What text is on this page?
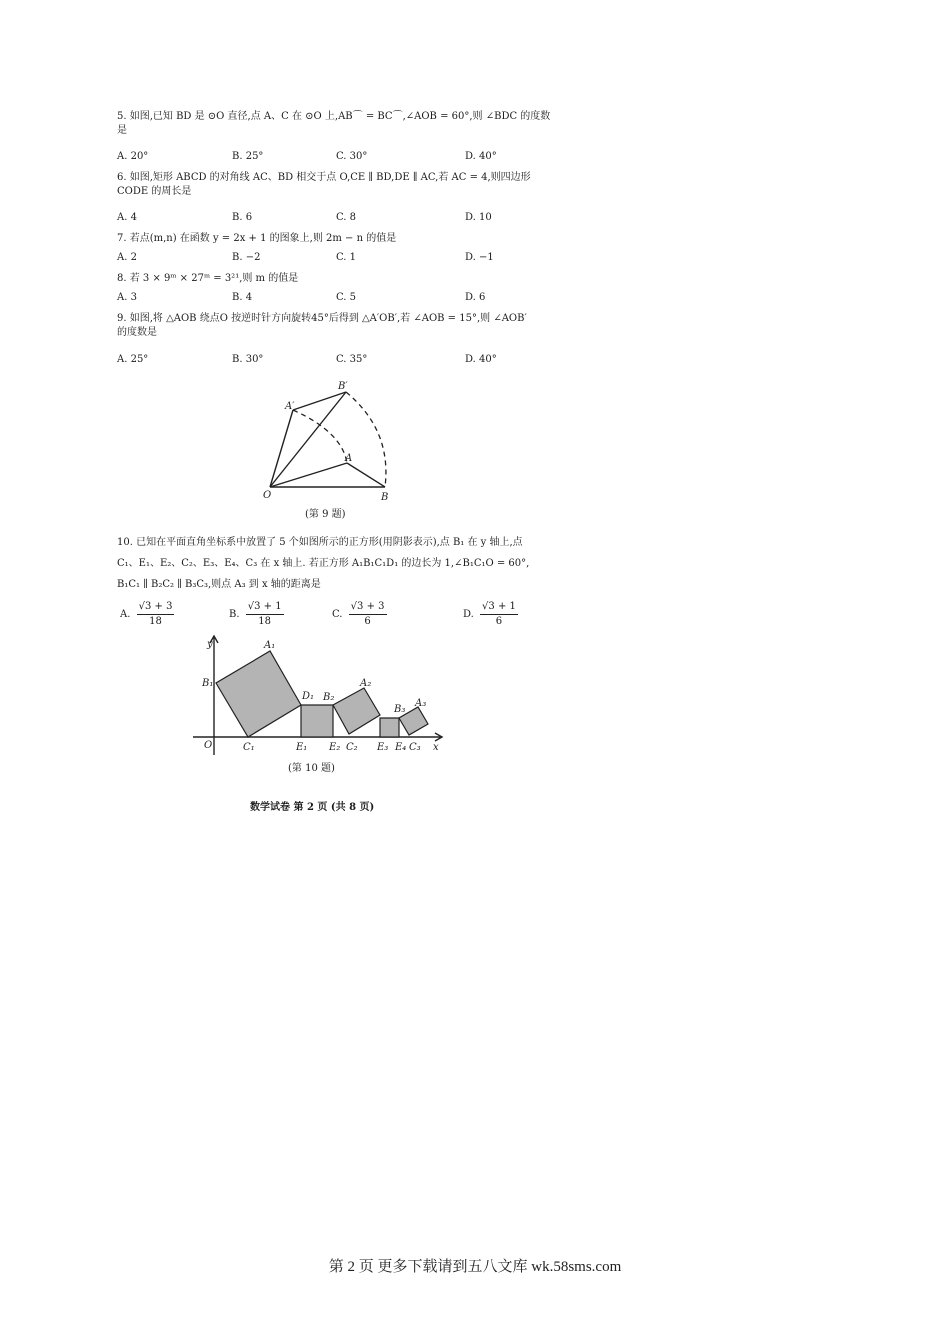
5. 如图,已知 BD 是 ⊙O 直径,点 A、C 在 ⊙O 上,AB⌒ = BC⌒,∠AOB = 60°,则 ∠BDC 的度数
是
A. 20°	B. 25°	C. 30°	D. 40°
6. 如图,矩形 ABCD 的对角线 AC、BD 相交于点 O,CE ∥ BD,DE ∥ AC,若 AC = 4,则四边形
CODE 的周长是
A. 4	B. 6	C. 8	D. 10
7. 若点(m,n) 在函数 y = 2x + 1 的图象上,则 2m − n 的值是
A. 2	B. −2	C. 1	D. −1
8. 若 3 × 9ᵐ × 27ᵐ = 3²¹,则 m 的值是
A. 3	B. 4	C. 5	D. 6
9. 如图,将 △AOB 绕点O 按逆时针方向旋转45°后得到 △A′OB′,若 ∠AOB = 15°,则 ∠AOB′
的度数是
A. 25°	B. 30°	C. 35°	D. 40°
O	B
A
A′
B′
(第 9 题)
10. 已知在平面直角坐标系中放置了 5 个如图所示的正方形(用阴影表示),点 B₁ 在 y 轴上,点
C₁、E₁、E₂、C₂、E₃、E₄、C₃ 在 x 轴上. 若正方形 A₁B₁C₁D₁ 的边长为 1,∠B₁C₁O = 60°,
B₁C₁ ∥ B₂C₂ ∥ B₃C₃,则点 A₃ 到 x 轴的距离是
A. $\frac{√3 + 3}{18}$	B. $\frac{√3 + 1}{18}$	C. $\frac{√3 + 3}{6}$	D. $\frac{√3 + 1}{6}$
y	A₁
B₁
D₁ B₂
A₂
B₃
A₃
O	C₁	E₁ E₂ C₂ E₃ E₄ C₃ x
(第 10 题)
数学试卷 第 2 页 (共 8 页)
第 2 页 更多下载请到五八文库 wk.58sms.com
